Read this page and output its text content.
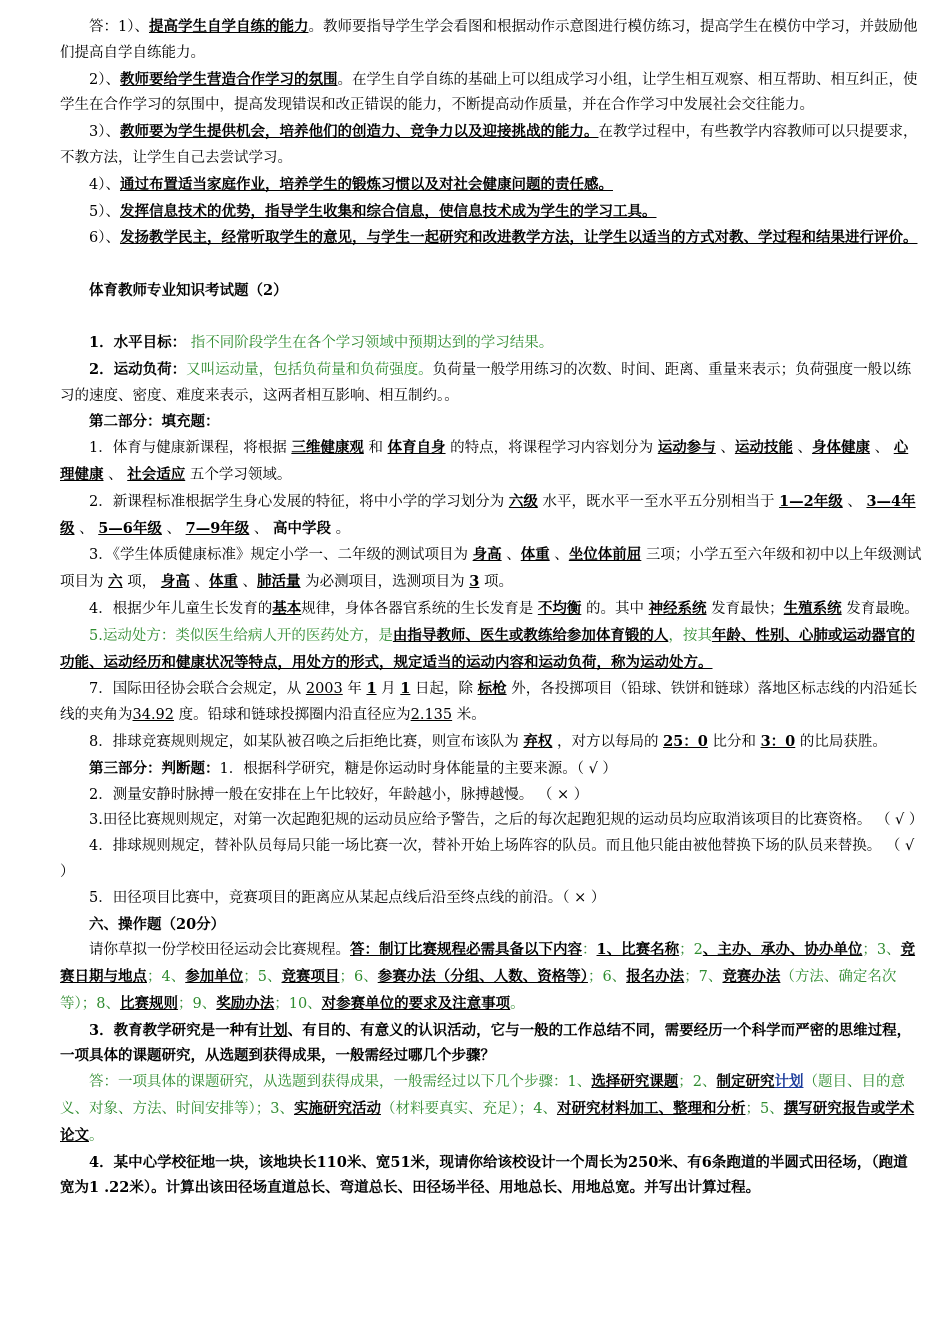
答：1）、提高学生自学自练的能力。教师要指导学生学会看图和根据动作示意图进行模仿练习，提高学生在模仿中学习，并鼓励他们提高自学自练能力。

2）、教师要给学生营造合作学习的氛围。在学生自学自练的基础上可以组成学习小组，让学生相互观察、相互帮助、相互纠正，使学生在合作学习的氛围中，提高发现错误和改正错误的能力，不断提高动作质量，并在合作学习中发展社会交往能力。

3）、教师要为学生提供机会，培养他们的创造力、竞争力以及迎接挑战的能力。在教学过程中，有些教学内容教师可以只提要求，不教方法，让学生自己去尝试学习。

4）、通过布置适当家庭作业，培养学生的锻炼习惯以及对社会健康问题的责任感。

5）、发挥信息技术的优势，指导学生收集和综合信息，使信息技术成为学生的学习工具。

6）、发扬教学民主，经常听取学生的意见，与学生一起研究和改进教学方法，让学生以适当的方式对教、学过程和结果进行评价。

体育教师专业知识考试题（2）

1．水平目标： 指不同阶段学生在各个学习领域中预期达到的学习结果。

2．运动负荷：又叫运动量，包括负荷量和负荷强度。负荷量一般学用练习的次数、时间、距离、重量来表示；负荷强度一般以练习的速度、密度、难度来表示，这两者相互影响、相互制约。。

第二部分：填充题：

1．体育与健康新课程，将根据 三维健康观 和 体育自身 的特点，将课程学习内容划分为 运动参与 、运动技能 、身体健康 、 心理健康 、 社会适应 五个学习领域。

2．新课程标准根据学生身心发展的特征，将中小学的学习划分为 六级 水平，既水平一至水平五分别相当于 1—2年级 、 3—4年级 、 5—6年级 、 7—9年级 、 高中学段 。

3．《学生体质健康标准》规定小学一、二年级的测试项目为 身高 、体重 、坐位体前屈 三项；小学五至六年级和初中以上年级测试项目为 六 项， 身高 、体重 、肺活量 为必测项目，选测项目为 3 项。

4．根据少年儿童生长发育的基本规律，身体各器官系统的生长发育是 不均衡 的。其中 神经系统 发育最快；生殖系统 发育最晚。

5.运动处方：类似医生给病人开的医药处方，是由指导教师、医生或教练给参加体育锻的人，按其年龄、性别、心肺或运动器官的功能、运动经历和健康状况等特点，用处方的形式，规定适当的运动内容和运动负荷，称为运动处方。

7．国际田径协会联合会规定，从 2003 年 1 月 1 日起，除 标枪 外，各投掷项目（铅球、铁饼和链球）落地区标志线的内沿延长线的夹角为34.92 度。铅球和链球投掷圈内沿直径应为2.135 米。

8．排球竞赛规则规定，如某队被召唤之后拒绝比赛，则宣布该队为 弃权 ，对方以每局的 25：0 比分和 3：0 的比局获胜。

第三部分：判断题：1．根据科学研究，糖是你运动时身体能量的主要来源。（ √ ）

2．测量安静时脉搏一般在安排在上午比较好，年龄越小，脉搏越慢。 （ × ）

3.田径比赛规则规定，对第一次起跑犯规的运动员应给予警告，之后的每次起跑犯规的运动员均应取消该项目的比赛资格。 （ √ ）

4．排球规则规定，替补队员每局只能一场比赛一次，替补开始上场阵容的队员。而且他只能由被他替换下场的队员来替换。 （ √ ）

5．田径项目比赛中，竞赛项目的距离应从某起点线后沿至终点线的前沿。（ × ）

六、操作题（20分）

请你草拟一份学校田径运动会比赛规程。答：制订比赛规程必需具备以下内容：1、比赛名称；2、主办、承办、协办单位；3、竞赛日期与地点；4、参加单位；5、竞赛项目；6、参赛办法（分组、人数、资格等）；6、报名办法；7、竞赛办法（方法、确定名次等）；8、比赛规则；9、奖励办法；10、对参赛单位的要求及注意事项。

3．教育教学研究是一种有计划、有目的、有意义的认识活动，它与一般的工作总结不同，需要经历一个科学而严密的思维过程，一项具体的课题研究，从选题到获得成果，一般需经过哪几个步骤？

答：一项具体的课题研究，从选题到获得成果，一般需经过以下几个步骤：1、选择研究课题；2、制定研究计划（题目、目的意义、对象、方法、时间安排等）；3、实施研究活动（材料要真实、充足）；4、对研究材料加工、整理和分析；5、撰写研究报告或学术论文。

4．某中心学校征地一块，该地块长110米、宽51米，现请你给该校设计一个周长为250米、有6条跑道的半圆式田径场，（跑道宽为1 .22米）。计算出该田径场直道总长、弯道总长、田径场半径、用地总长、用地总宽。并写出计算过程。
